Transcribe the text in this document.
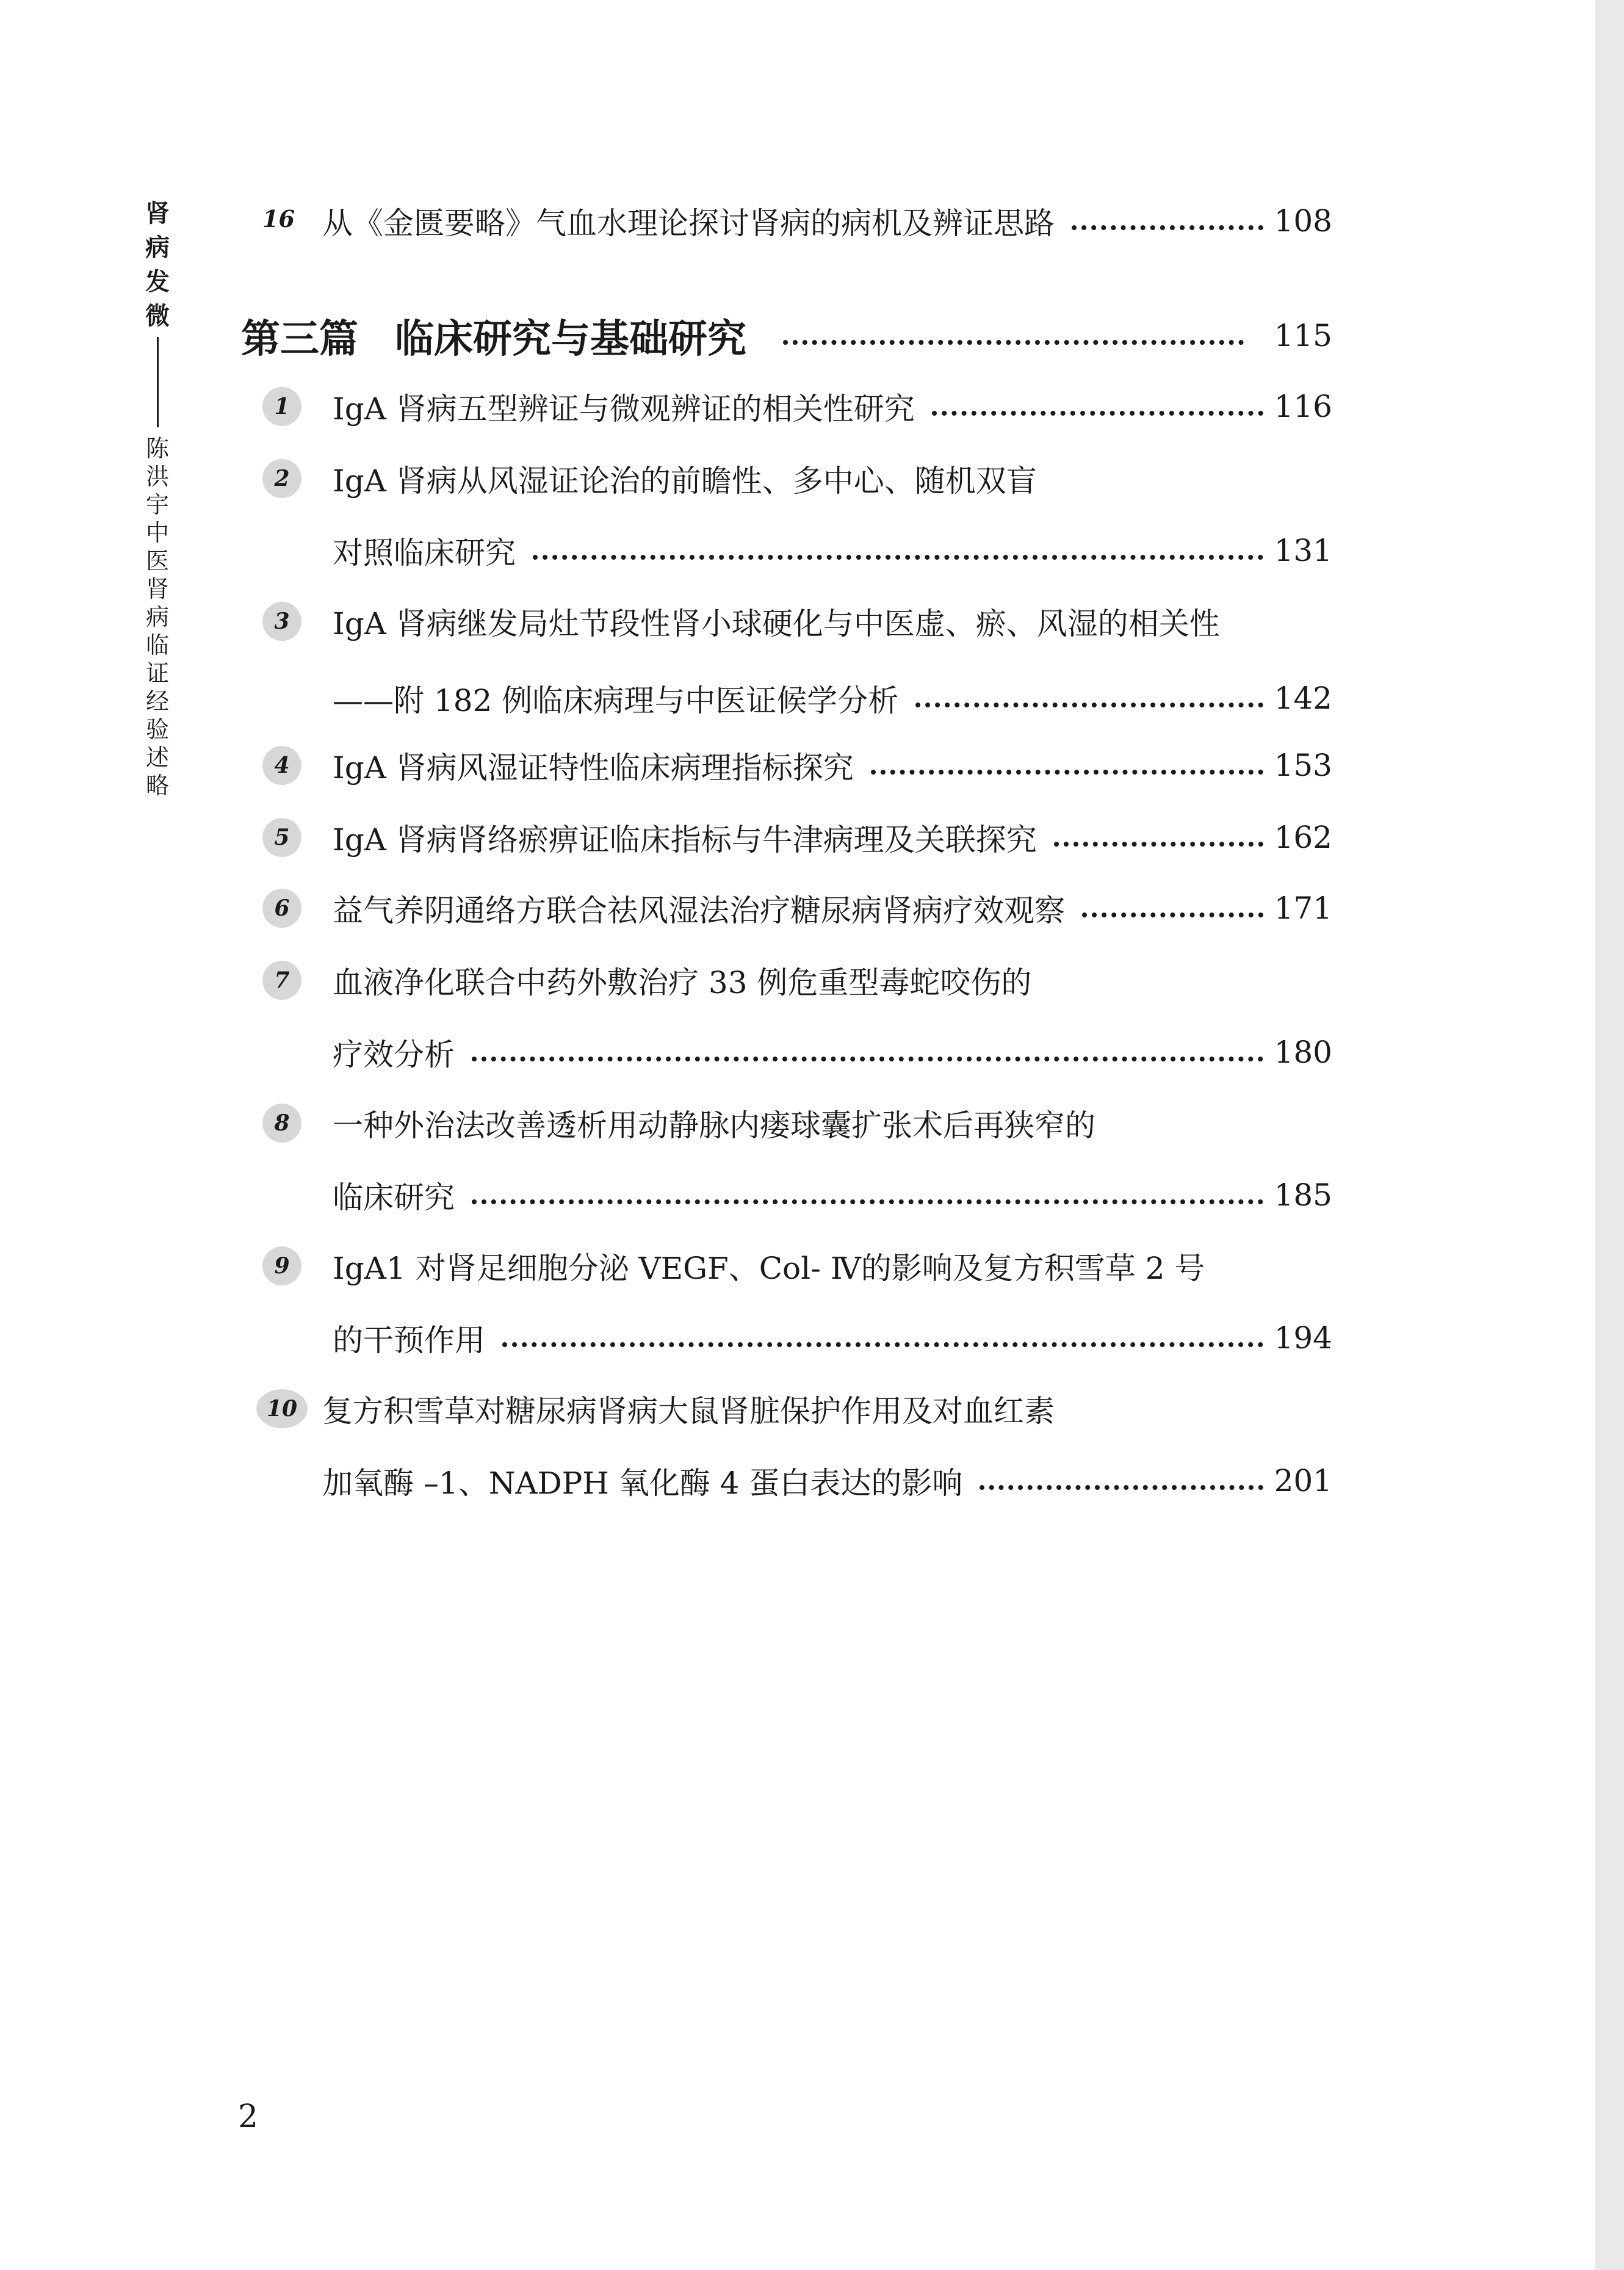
肾病发微
陈洪宇中医肾病临证经验述略
16 从《金匮要略》气血水理论探讨肾病的病机及辨证思路	108
第三篇 临床研究与基础研究	115
1	IgA 肾病五型辨证与微观辨证的相关性研究	116
2	IgA 肾病从风湿证论治的前瞻性、多中心、随机双盲
对照临床研究	131
3	IgA 肾病继发局灶节段性肾小球硬化与中医虚、瘀、风湿的相关性
——附 182 例临床病理与中医证候学分析	142
4	IgA 肾病风湿证特性临床病理指标探究	153
5	IgA 肾病肾络瘀痹证临床指标与牛津病理及关联探究	162
6	益气养阴通络方联合祛风湿法治疗糖尿病肾病疗效观察	171
7	血液净化联合中药外敷治疗 33 例危重型毒蛇咬伤的
疗效分析	180
8	一种外治法改善透析用动静脉内瘘球囊扩张术后再狭窄的
临床研究	185
9	IgA1 对肾足细胞分泌 VEGF、Col- Ⅳ的影响及复方积雪草 2 号
的干预作用	194
10 复方积雪草对糖尿病肾病大鼠肾脏保护作用及对血红素
加氧酶 –1、NADPH 氧化酶 4 蛋白表达的影响	201
2
